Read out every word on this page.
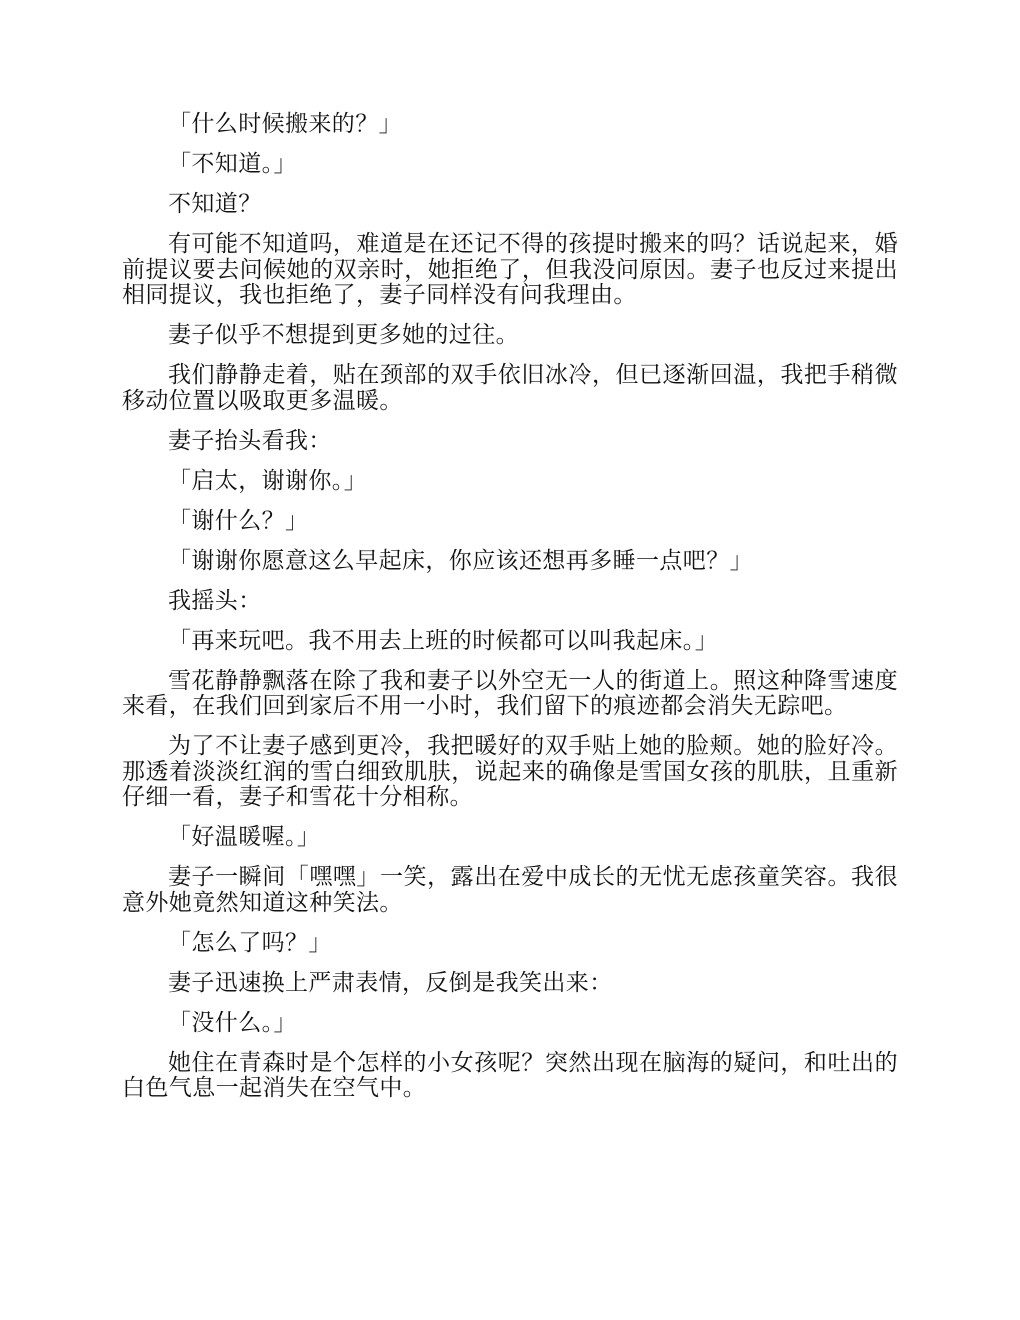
「什么时候搬来的？」

「不知道。」

不知道？

有可能不知道吗，难道是在还记不得的孩提时搬来的吗？话说起来，婚前提议要去问候她的双亲时，她拒绝了，但我没问原因。妻子也反过来提出相同提议，我也拒绝了，妻子同样没有问我理由。

妻子似乎不想提到更多她的过往。

我们静静走着，贴在颈部的双手依旧冰冷，但已逐渐回温，我把手稍微移动位置以吸取更多温暖。

妻子抬头看我：

「启太，谢谢你。」

「谢什么？」

「谢谢你愿意这么早起床，你应该还想再多睡一点吧？」

我摇头：

「再来玩吧。我不用去上班的时候都可以叫我起床。」

雪花静静飘落在除了我和妻子以外空无一人的街道上。照这种降雪速度来看，在我们回到家后不用一小时，我们留下的痕迹都会消失无踪吧。

为了不让妻子感到更冷，我把暖好的双手贴上她的脸颊。她的脸好冷。那透着淡淡红润的雪白细致肌肤，说起来的确像是雪国女孩的肌肤，且重新仔细一看，妻子和雪花十分相称。

「好温暖喔。」

妻子一瞬间「嘿嘿」一笑，露出在爱中成长的无忧无虑孩童笑容。我很意外她竟然知道这种笑法。

「怎么了吗？」

妻子迅速换上严肃表情，反倒是我笑出来：

「没什么。」

她住在青森时是个怎样的小女孩呢？突然出现在脑海的疑问，和吐出的白色气息一起消失在空气中。
